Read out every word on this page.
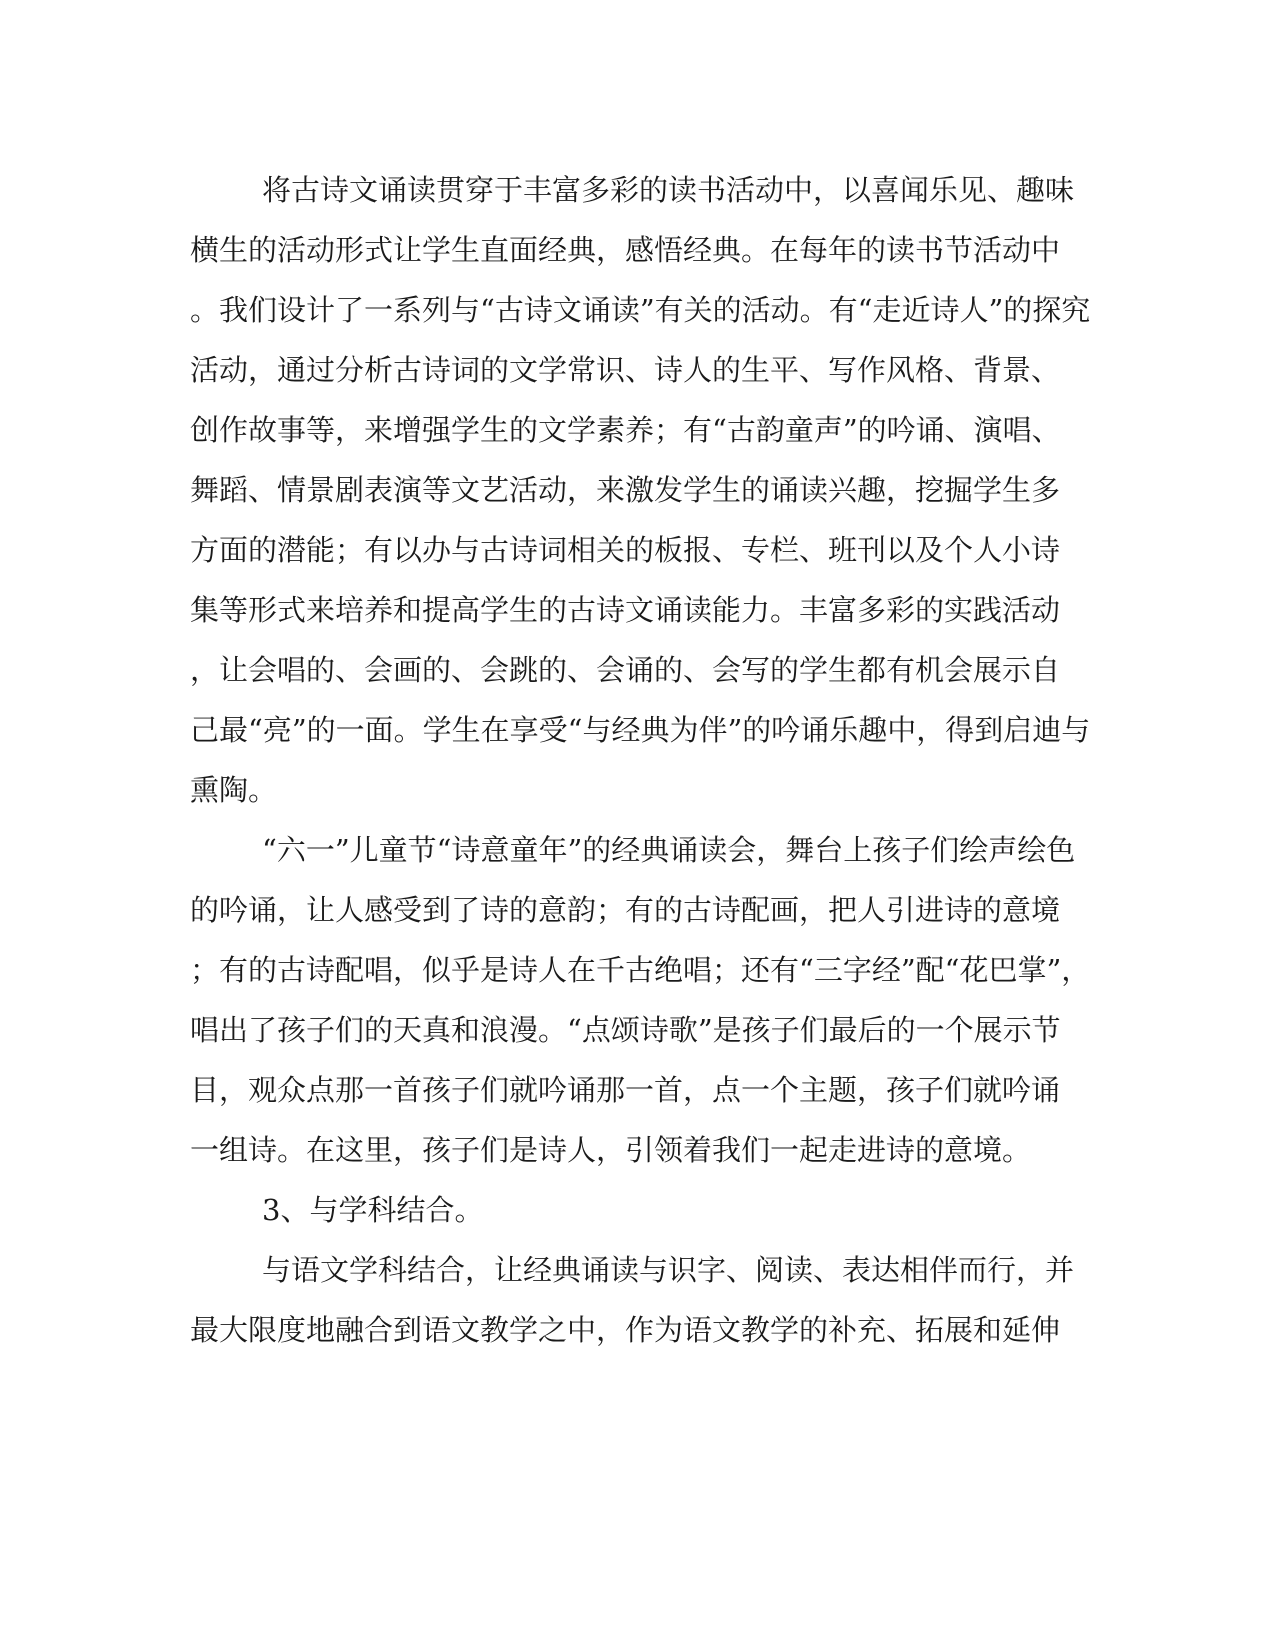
将古诗文诵读贯穿于丰富多彩的读书活动中，以喜闻乐见、趣味
横生的活动形式让学生直面经典，感悟经典。在每年的读书节活动中
。我们设计了一系列与“古诗文诵读”有关的活动。有“走近诗人”的探究
活动，通过分析古诗词的文学常识、诗人的生平、写作风格、背景、
创作故事等，来增强学生的文学素养；有“古韵童声”的吟诵、演唱、
舞蹈、情景剧表演等文艺活动，来激发学生的诵读兴趣，挖掘学生多
方面的潜能；有以办与古诗词相关的板报、专栏、班刊以及个人小诗
集等形式来培养和提高学生的古诗文诵读能力。丰富多彩的实践活动
，让会唱的、会画的、会跳的、会诵的、会写的学生都有机会展示自
己最“亮”的一面。学生在享受“与经典为伴”的吟诵乐趣中，得到启迪与
熏陶。
“六一”儿童节“诗意童年”的经典诵读会，舞台上孩子们绘声绘色
的吟诵，让人感受到了诗的意韵；有的古诗配画，把人引进诗的意境
；有的古诗配唱，似乎是诗人在千古绝唱；还有“三字经”配“花巴掌”，
唱出了孩子们的天真和浪漫。“点颂诗歌”是孩子们最后的一个展示节
目，观众点那一首孩子们就吟诵那一首，点一个主题，孩子们就吟诵
一组诗。在这里，孩子们是诗人，引领着我们一起走进诗的意境。
3、与学科结合。
与语文学科结合，让经典诵读与识字、阅读、表达相伴而行，并
最大限度地融合到语文教学之中，作为语文教学的补充、拓展和延伸
